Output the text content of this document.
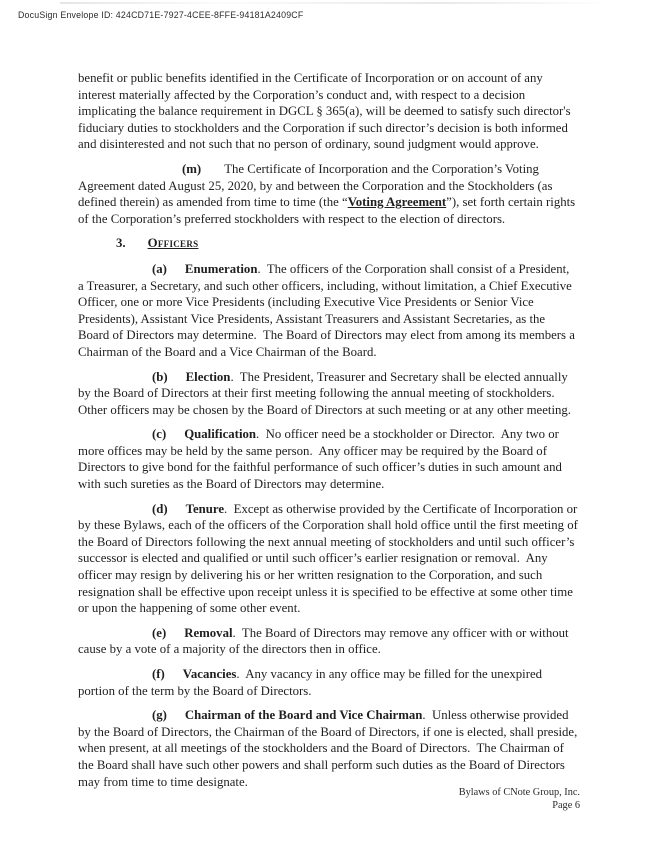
DocuSign Envelope ID: 424CD71E-7927-4CEE-8FFE-94181A2409CF

benefit or public benefits identified in the Certificate of Incorporation or on account of any interest materially affected by the Corporation’s conduct and, with respect to a decision implicating the balance requirement in DGCL § 365(a), will be deemed to satisfy such director's fiduciary duties to stockholders and the Corporation if such director’s decision is both informed and disinterested and not such that no person of ordinary, sound judgment would approve.

(m) The Certificate of Incorporation and the Corporation’s Voting Agreement dated August 25, 2020, by and between the Corporation and the Stockholders (as defined therein) as amended from time to time (the “Voting Agreement”), set forth certain rights of the Corporation’s preferred stockholders with respect to the election of directors.

3. Officers

(a) Enumeration.  The officers of the Corporation shall consist of a President, a Treasurer, a Secretary, and such other officers, including, without limitation, a Chief Executive Officer, one or more Vice Presidents (including Executive Vice Presidents or Senior Vice Presidents), Assistant Vice Presidents, Assistant Treasurers and Assistant Secretaries, as the Board of Directors may determine.  The Board of Directors may elect from among its members a Chairman of the Board and a Vice Chairman of the Board.

(b) Election.  The President, Treasurer and Secretary shall be elected annually by the Board of Directors at their first meeting following the annual meeting of stockholders.  Other officers may be chosen by the Board of Directors at such meeting or at any other meeting.

(c) Qualification.  No officer need be a stockholder or Director.  Any two or more offices may be held by the same person.  Any officer may be required by the Board of Directors to give bond for the faithful performance of such officer’s duties in such amount and with such sureties as the Board of Directors may determine.

(d) Tenure.  Except as otherwise provided by the Certificate of Incorporation or by these Bylaws, each of the officers of the Corporation shall hold office until the first meeting of the Board of Directors following the next annual meeting of stockholders and until such officer’s successor is elected and qualified or until such officer’s earlier resignation or removal.  Any officer may resign by delivering his or her written resignation to the Corporation, and such resignation shall be effective upon receipt unless it is specified to be effective at some other time or upon the happening of some other event.

(e) Removal.  The Board of Directors may remove any officer with or without cause by a vote of a majority of the directors then in office.

(f) Vacancies.  Any vacancy in any office may be filled for the unexpired portion of the term by the Board of Directors.

(g) Chairman of the Board and Vice Chairman.  Unless otherwise provided by the Board of Directors, the Chairman of the Board of Directors, if one is elected, shall preside, when present, at all meetings of the stockholders and the Board of Directors.  The Chairman of the Board shall have such other powers and shall perform such duties as the Board of Directors may from time to time designate.

Bylaws of CNote Group, Inc.
Page 6
